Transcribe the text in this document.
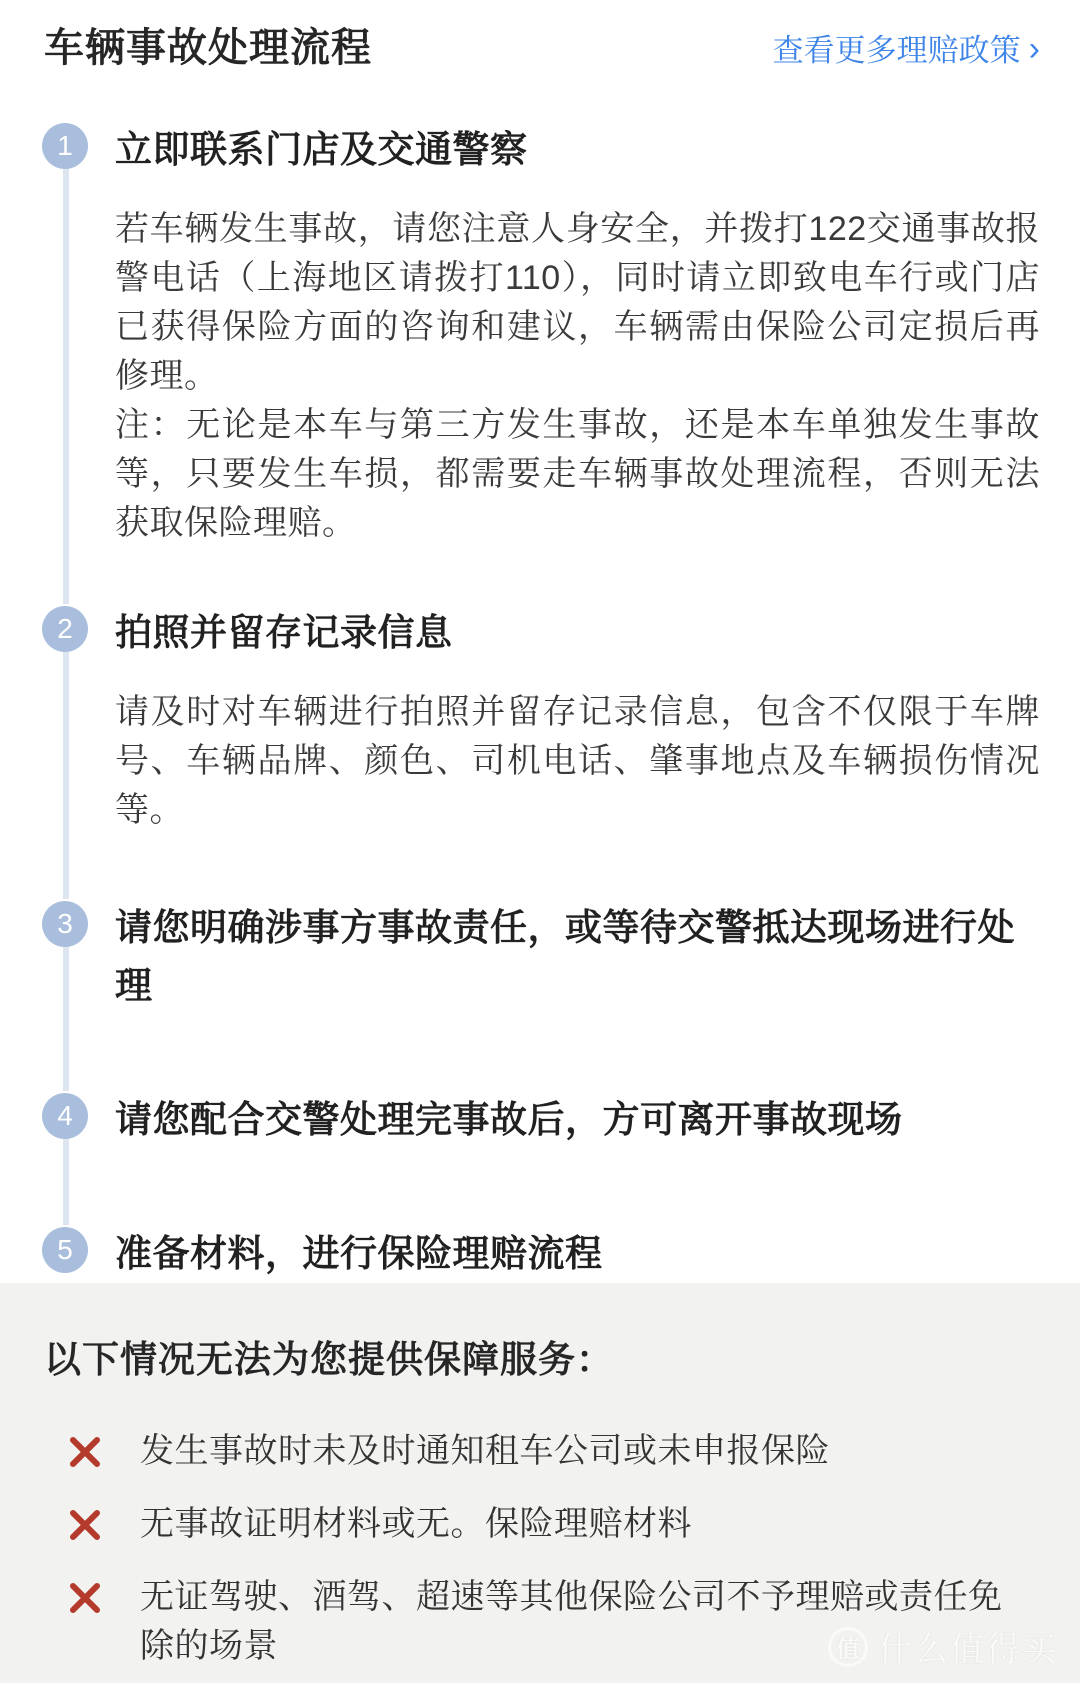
车辆事故处理流程	查看更多理赔政策 ›
1 立即联系门店及交通警察

若车辆发生事故，请您注意人身安全，并拨打122交通事故报警电话（上海地区请拨打110），同时请立即致电车行或门店已获得保险方面的咨询和建议，车辆需由保险公司定损后再修理。

注：无论是本车与第三方发生事故，还是本车单独发生事故等，只要发生车损，都需要走车辆事故处理流程，否则无法获取保险理赔。

2 拍照并留存记录信息

请及时对车辆进行拍照并留存记录信息，包含不仅限于车牌号、车辆品牌、颜色、司机电话、肇事地点及车辆损伤情况等。

3 请您明确涉事方事故责任，或等待交警抵达现场进行处理
4 请您配合交警处理完事故后，方可离开事故现场
5 准备材料，进行保险理赔流程
以下情况无法为您提供保障服务：
发生事故时未及时通知租车公司或未申报保险
无事故证明材料或无。保险理赔材料
无证驾驶、酒驾、超速等其他保险公司不予理赔或责任免除的场景	值 什么值得买
